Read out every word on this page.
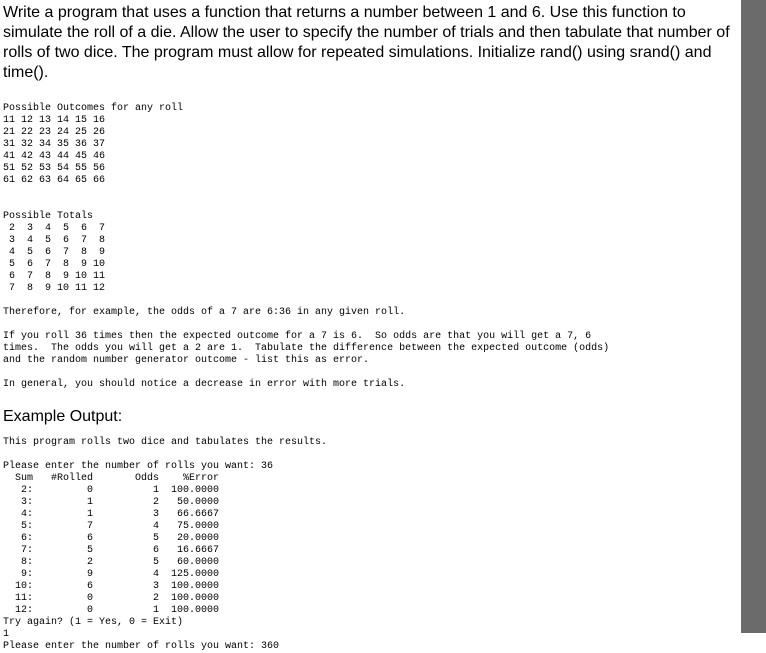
Write a program that uses a function that returns a number between 1 and 6. Use this function to simulate the roll of a die. Allow the user to specify the number of trials and then tabulate that number of rolls of two dice. The program must allow for repeated simulations. Initialize rand() using srand() and time().

Possible Outcomes for any roll
11 12 13 14 15 16
21 22 23 24 25 26
31 32 34 35 36 37
41 42 43 44 45 46
51 52 53 54 55 56
61 62 63 64 65 66
Possible Totals
2  3  4  5  6  7
3  4  5  6  7  8
4  5  6  7  8  9
5  6  7  8  9 10
6  7  8  9 10 11
7  8  9 10 11 12
Therefore, for example, the odds of a 7 are 6:36 in any given roll.
If you roll 36 times then the expected outcome for a 7 is 6.  So odds are that you will get a 7, 6
times.  The odds you will get a 2 are 1.  Tabulate the difference between the expected outcome (odds)
and the random number generator outcome - list this as error.
In general, you should notice a decrease in error with more trials.

Example Output:

This program rolls two dice and tabulates the results.
Please enter the number of rolls you want: 36
Sum   #Rolled       Odds    %Error
2:         0          1  100.0000
3:         1          2   50.0000
4:         1          3   66.6667
5:         7          4   75.0000
6:         6          5   20.0000
7:         5          6   16.6667
8:         2          5   60.0000
9:         9          4  125.0000
10:         6          3  100.0000
11:         0          2  100.0000
12:         0          1  100.0000
Try again? (1 = Yes, 0 = Exit)
1
Please enter the number of rolls you want: 360
